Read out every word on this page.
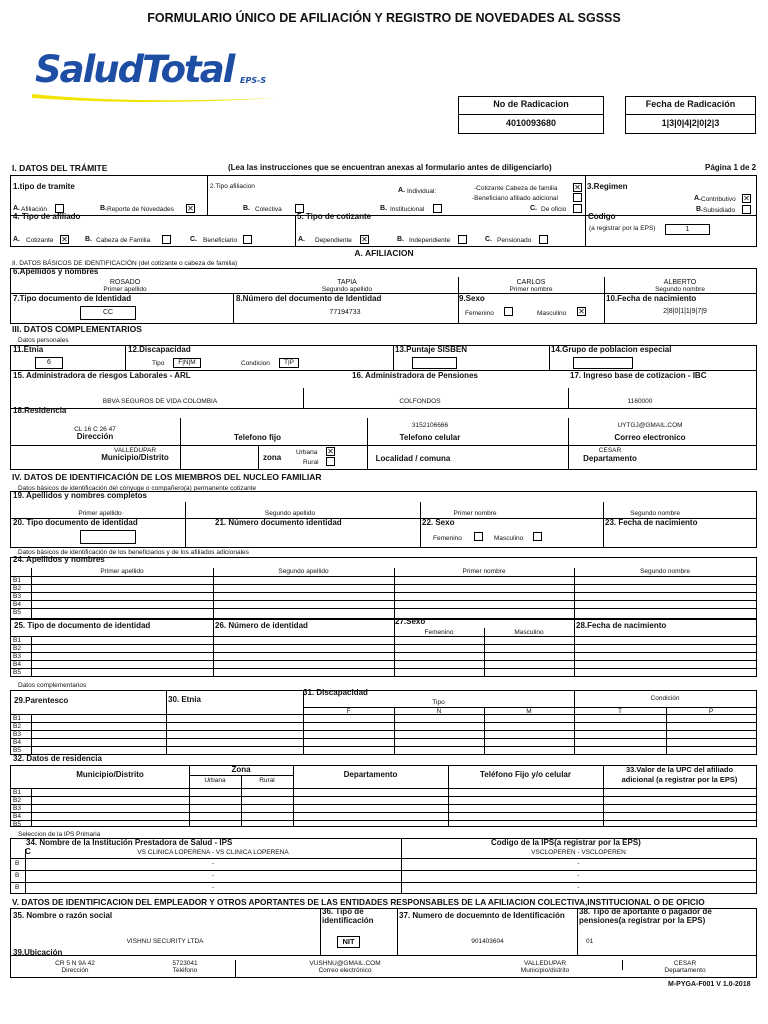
FORMULARIO ÚNICO DE AFILIACIÓN Y REGISTRO DE NOVEDADES AL SGSSS
SaludTotal EPS-S
No de Radicacion
4010093680
Fecha de Radicación
1|3|0|4|2|0|2|3
I. DATOS DEL TRÁMITE	(Lea las instrucciones que se encuentran anexas al formulario antes de diligenciarlo)	Página 1 de 2
1.tipo de tramite
A. Afiliación	B. Reporte de Novedades ✕
2.Tipo afiliacion
B. Colectiva
A. Individual:
B. Institucional
-Cotizante Cabeza de familia ✕
-Beneficiario afiliado adicional
C. De oficio
3.Regimen
A. Contributivo ✕
B. Subsidiado
4. Tipo de afiliado
A. Cotizante ✕ B. Cabeza de Familia	C. Beneficiario
5. Tipo de cotizante
A. Dependiente ✕	B. Independiente	C. Pensionado
Codigo
(a registrar por la EPS)	1
A. AFILIACION
II. DATOS BÁSICOS DE IDENTIFICACIÓN (del cotizante o cabeza de familia)
6.Apellidos y nombres
ROSADO
Primer apellido
TAPIA
Segundo apellido
CARLOS
Primer nombre
ALBERTO
Segundo nombre
7.Tipo documento de Identidad
CC
8.Número del documento de Identidad
77194733
9.Sexo
Femenino	Masculino ✕
10.Fecha de nacimiento
2|8|0|1|1|9|7|9
III. DATOS COMPLEMENTARIOS
Datos personales
11.Etnia
6
12.Discapacidad
Tipo	F|N|M	Condicion	T|P
13.Puntaje SISBEN	14.Grupo de poblacion especial
15. Administradora de riesgos Laborales - ARL
BBVA SEGUROS DE VIDA COLOMBIA
16. Administradora de Pensiones
COLFONDOS
17. Ingreso base de cotizacion - IBC
1160000
18.Residencia
CL 16 C 26 47
Dirección	Telefono fijo
3152106666
Telefono celular
UYTGJ@GMAIL.COM
Correo electronico
VALLEDUPAR
Municipio/Distrito	zona
Urbana ✕
Rural	Localidad / comuna
CESAR
Departamento
IV. DATOS DE IDENTIFICACIÓN DE LOS MIEMBROS DEL NUCLEO FAMILIAR
Datos básicos de identificación del cónyuge o compañero(a) permanente cotizante
19. Apellidos y nombres completos
Primer apellido	Segundo apellido	Primer nombre	Segundo nombre
20. Tipo documento de identidad	21. Número documento identidad	22. Sexo
Femenino	Masculino
23. Fecha de nacimiento
Datos básicos de identificación de los beneficiarios y de los afiliados adicionales
24. Apellidos y nombres
Primer apellido	Segundo apellido	Primer nombre	Segundo nombre
B1
B2
B3
B4
B5
25. Tipo de documento de identidad	26. Número de identidad	27.Sexo
Femenino	Masculino
28.Fecha de nacimiento
B1
B2
B3
B4
B5
Datos complementarios
29.Parentesco	30. Etnia
31. Discapacidad
Tipo
Condición
F	N	M	T	P
B1
B2
B3
B4
B5
32. Datos de residencia
Municipio/Distrito
Zona
Urbana	Rural
Departamento	Teléfono Fijo y/o celular
33.Valor de la UPC del afiliado
adicional (a registrar por la EPS)
B1
B2
B3
B4
B5
Seleccion de la IPS Primaria
34. Nombre de la Institución Prestadora de Salud - IPS	Codigo de la IPS(a registrar por la EPS)
C	VS CLINICA LOPERENA - VS CLINICA LOPERENA	VSCLOPEREN - VSCLOPEREN
B	-	-
B	-	-
B	-	-
V. DATOS DE IDENTIFICACION DEL EMPLEADOR Y OTROS APORTANTES DE LAS ENTIDADES RESPONSABLES DE LA AFILIACION COLECTIVA,INSTITUCIONAL O DE OFICIO
35. Nombre o razón social
VISHNU SECURITY LTDA
36. Tipo de
identificación
NIT
37. Numero de docuemnto de Identificación
901403604
38. Tipo de aportante o pagador de
pensiones(a registrar por la EPS)
01
39.Ubicación
CR 5 N 9A 42
Dirección
5723041
Teléfono
VUSHNU@GMAIL.COM
Correo electrónico
VALLEDUPAR
Municipio/distrito
CESAR
Departamento
M-PYGA-F001 V 1.0-2018
